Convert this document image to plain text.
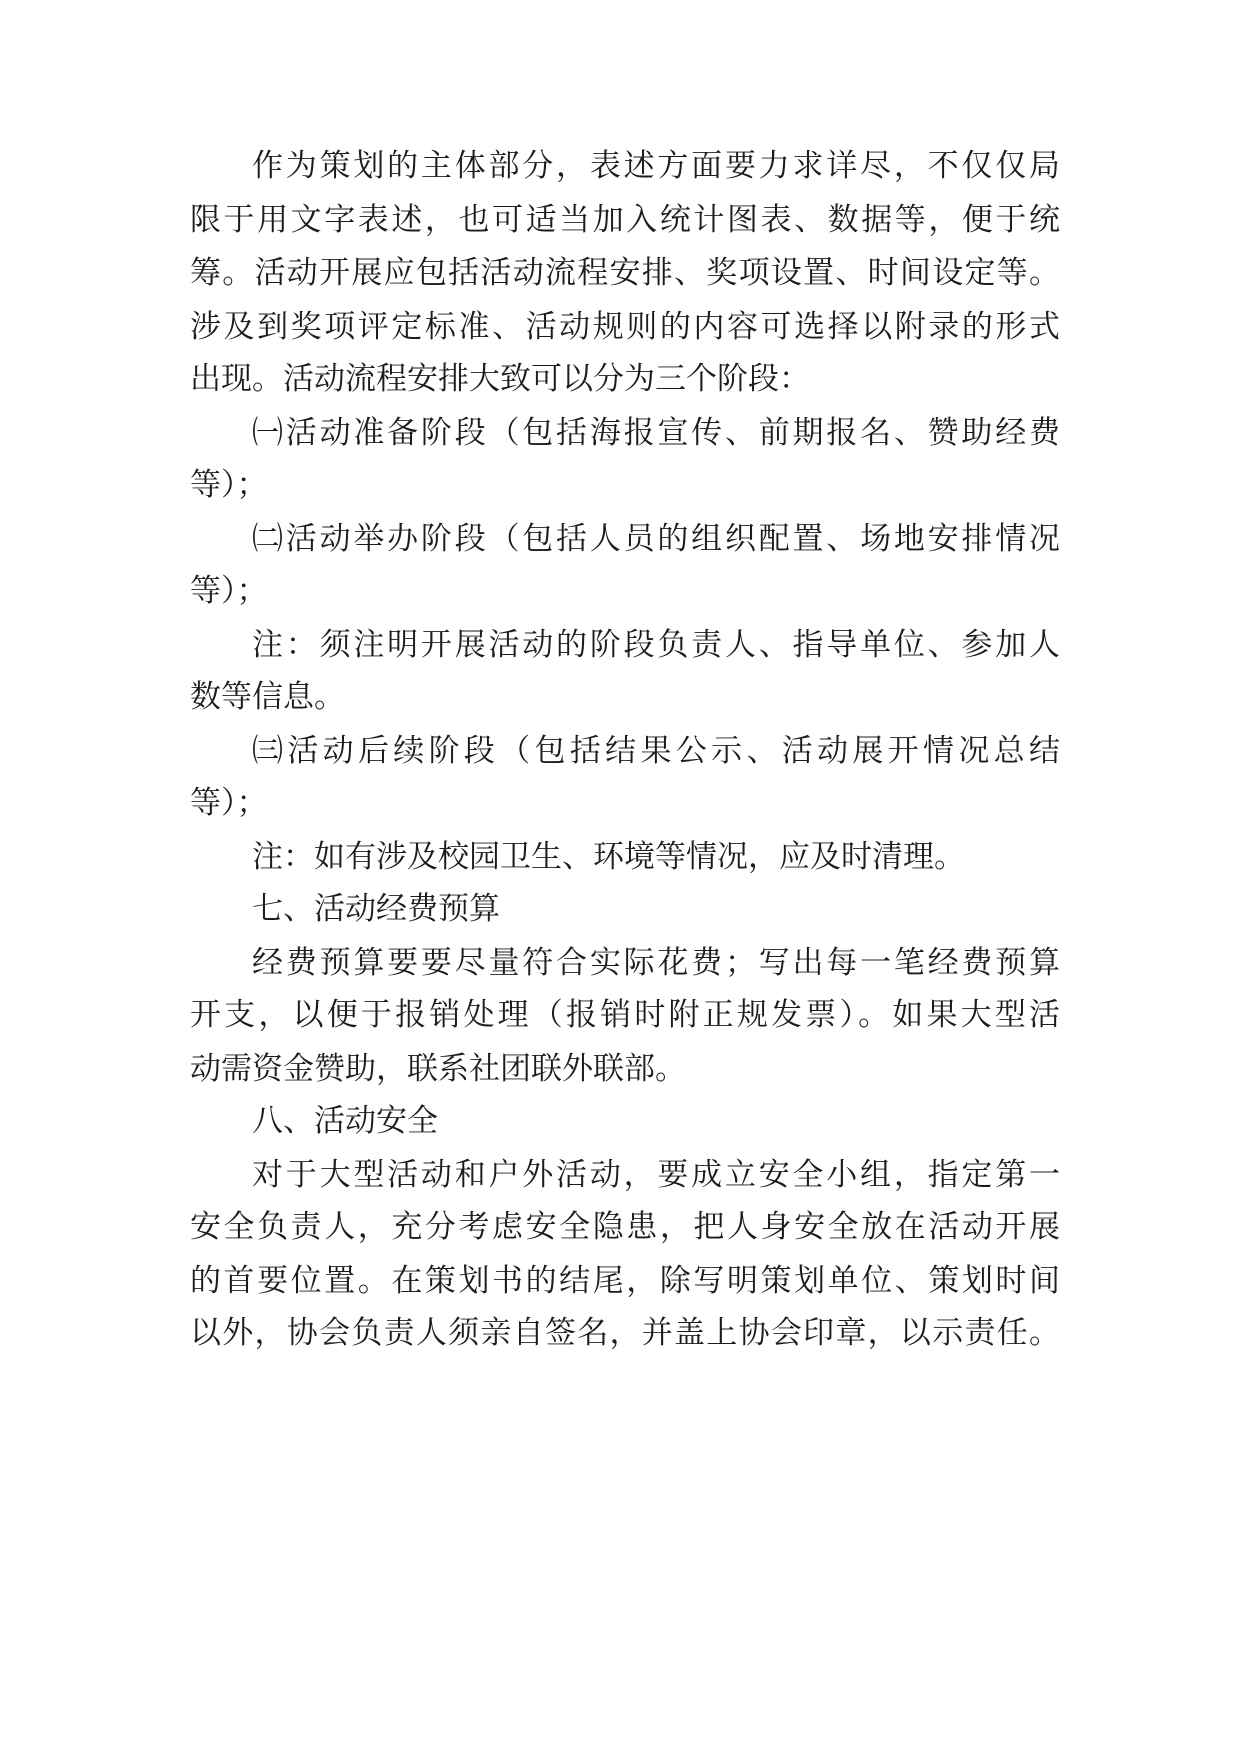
作为策划的主体部分，表述方面要力求详尽，不仅仅局
限于用文字表述，也可适当加入统计图表、数据等，便于统
筹。活动开展应包括活动流程安排、奖项设置、时间设定等。
涉及到奖项评定标准、活动规则的内容可选择以附录的形式
出现。活动流程安排大致可以分为三个阶段：
㈠活动准备阶段（包括海报宣传、前期报名、赞助经费
等）；
㈡活动举办阶段（包括人员的组织配置、场地安排情况
等）；
注：须注明开展活动的阶段负责人、指导单位、参加人
数等信息。
㈢活动后续阶段（包括结果公示、活动展开情况总结
等）；
注：如有涉及校园卫生、环境等情况，应及时清理。
七、活动经费预算
经费预算要要尽量符合实际花费；写出每一笔经费预算
开支，以便于报销处理（报销时附正规发票）。如果大型活
动需资金赞助，联系社团联外联部。
八、活动安全
对于大型活动和户外活动，要成立安全小组，指定第一
安全负责人，充分考虑安全隐患，把人身安全放在活动开展
的首要位置。在策划书的结尾，除写明策划单位、策划时间
以外，协会负责人须亲自签名，并盖上协会印章，以示责任。
